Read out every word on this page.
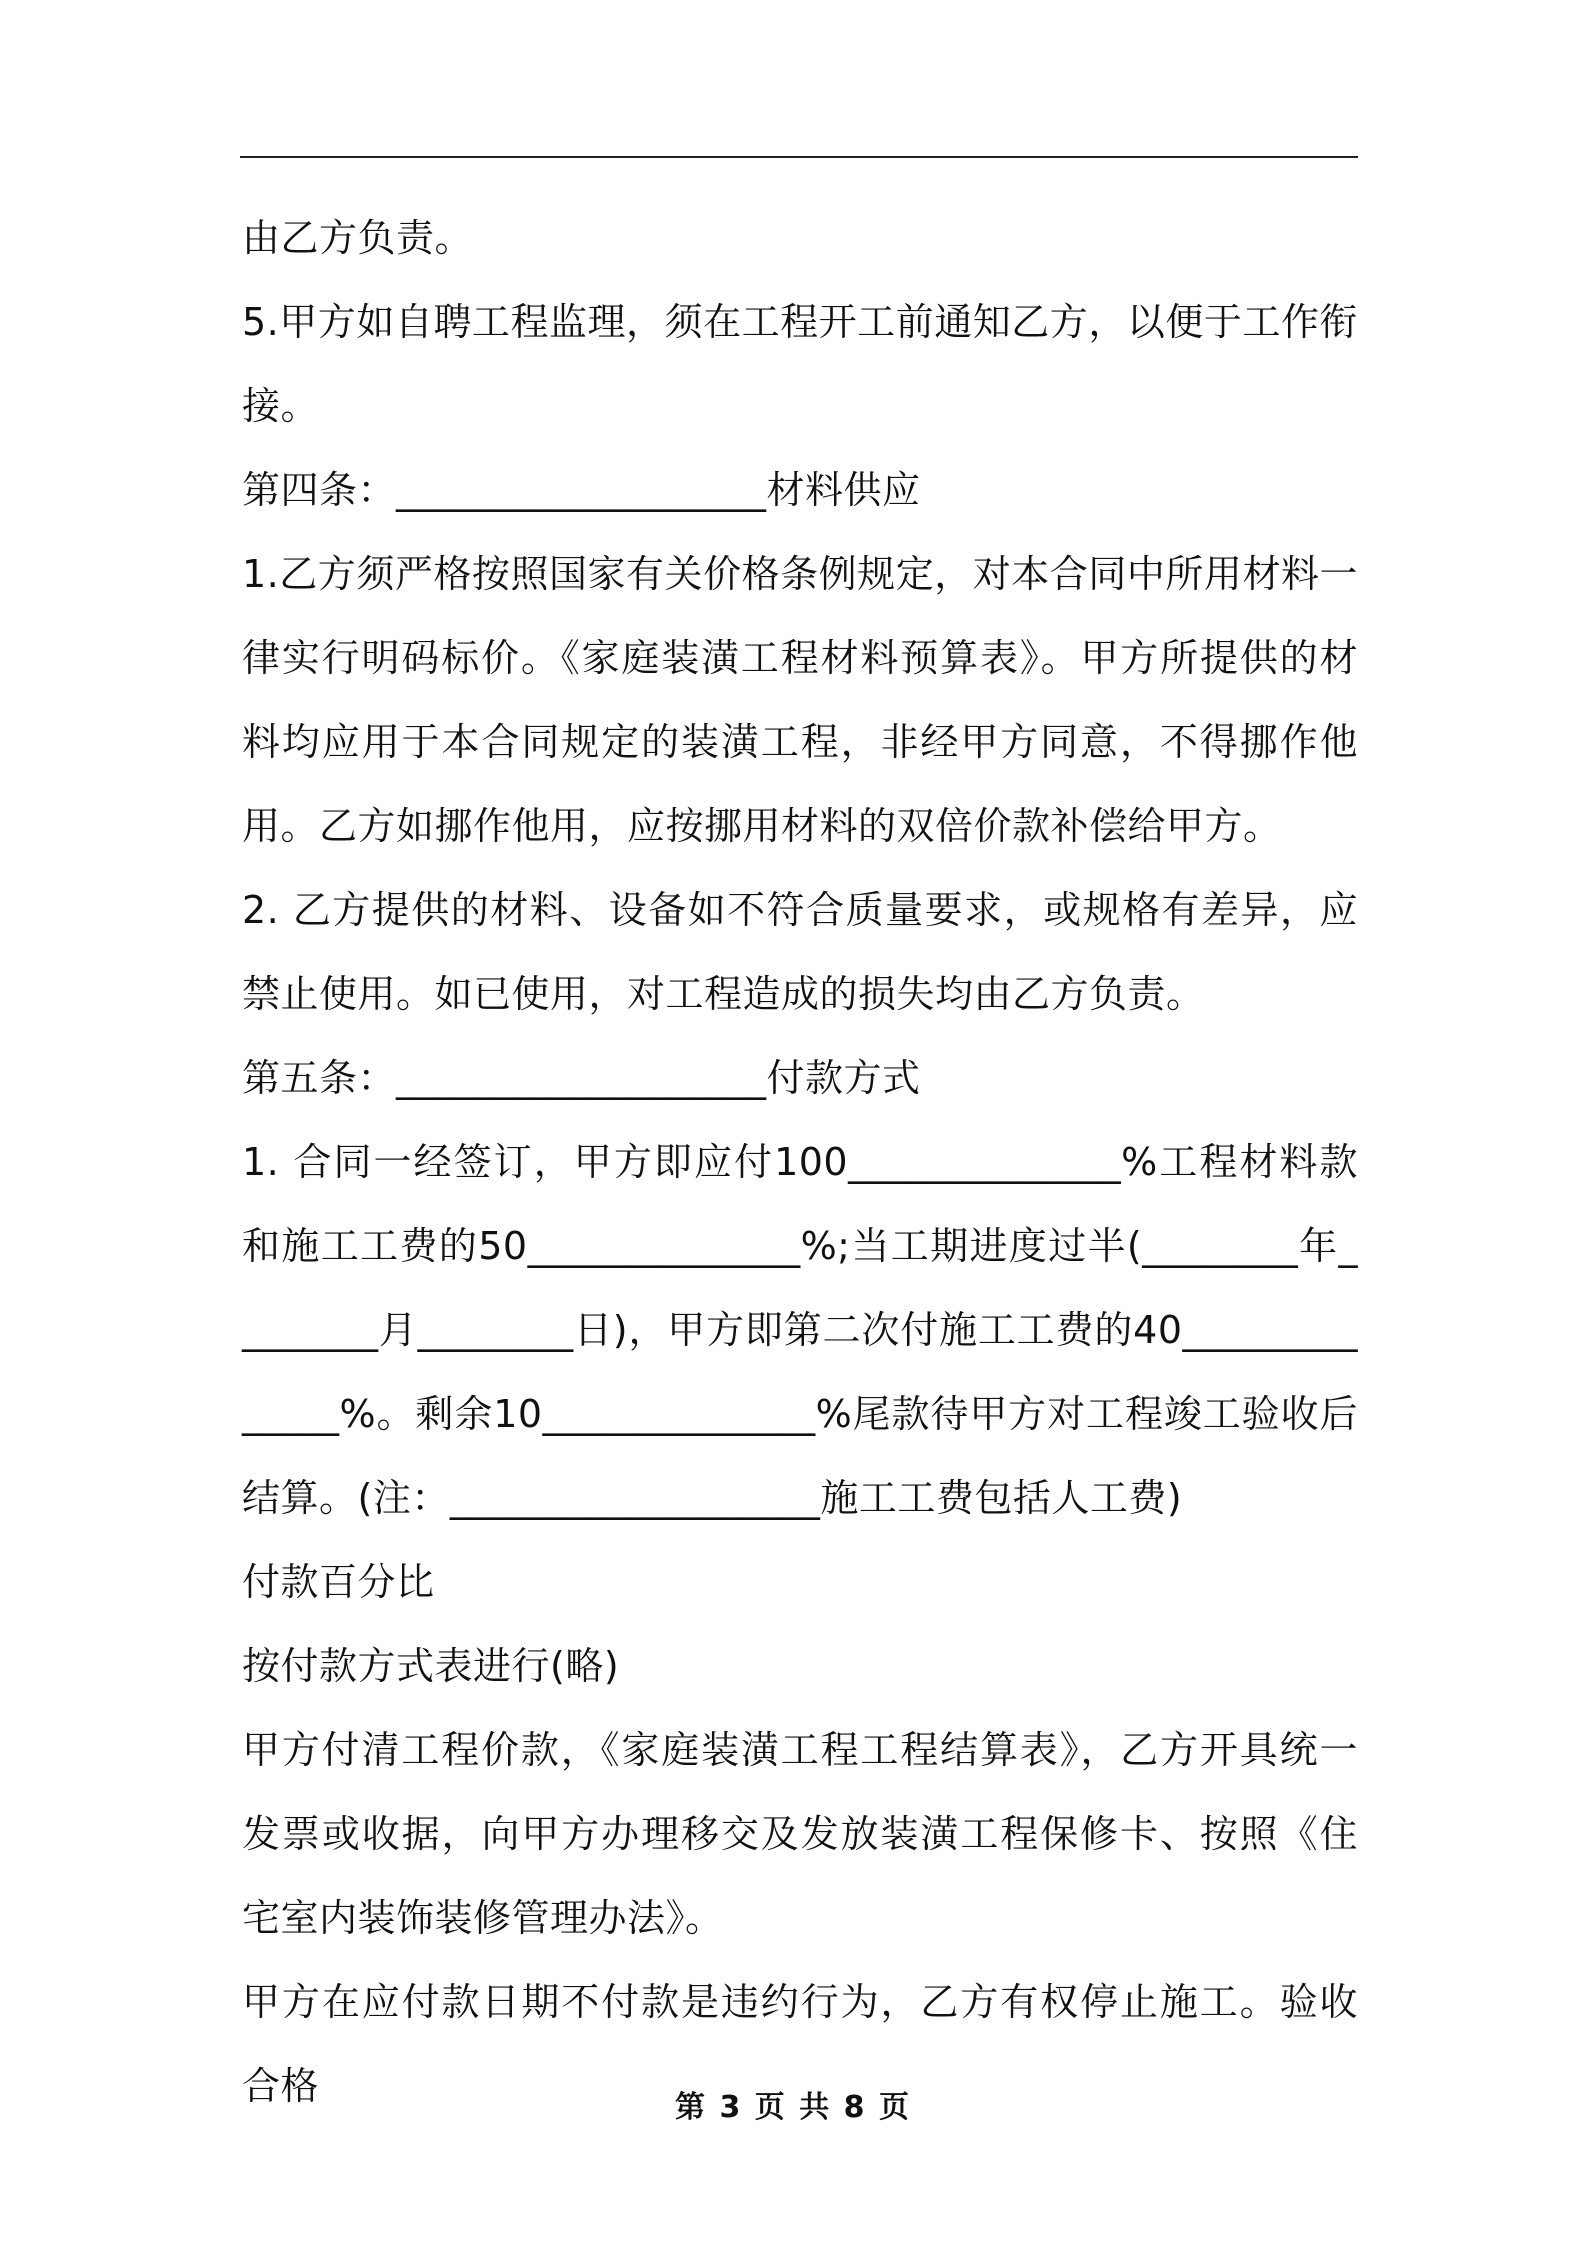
由乙方负责。

5.甲方如自聘工程监理，须在工程开工前通知乙方，以便于工作衔接。

第四条：___________________材料供应

1.乙方须严格按照国家有关价格条例规定，对本合同中所用材料一律实行明码标价。《家庭装潢工程材料预算表》。甲方所提供的材料均应用于本合同规定的装潢工程，非经甲方同意，不得挪作他用。乙方如挪作他用，应按挪用材料的双倍价款补偿给甲方。

2. 乙方提供的材料、设备如不符合质量要求，或规格有差异，应禁止使用。如已使用，对工程造成的损失均由乙方负责。

第五条：___________________付款方式

1. 合同一经签订，甲方即应付100______________%工程材料款和施工工费的50______________%;当工期进度过半(________年________月________日)，甲方即第二次付施工工费的40______________%。剩余10______________%尾款待甲方对工程竣工验收后结算。(注：___________________施工工费包括人工费)

付款百分比

按付款方式表进行(略)

甲方付清工程价款，《家庭装潢工程工程结算表》，乙方开具统一发票或收据，向甲方办理移交及发放装潢工程保修卡、按照《住宅室内装饰装修管理办法》。

甲方在应付款日期不付款是违约行为，乙方有权停止施工。验收合格	第 3 页 共 8 页
